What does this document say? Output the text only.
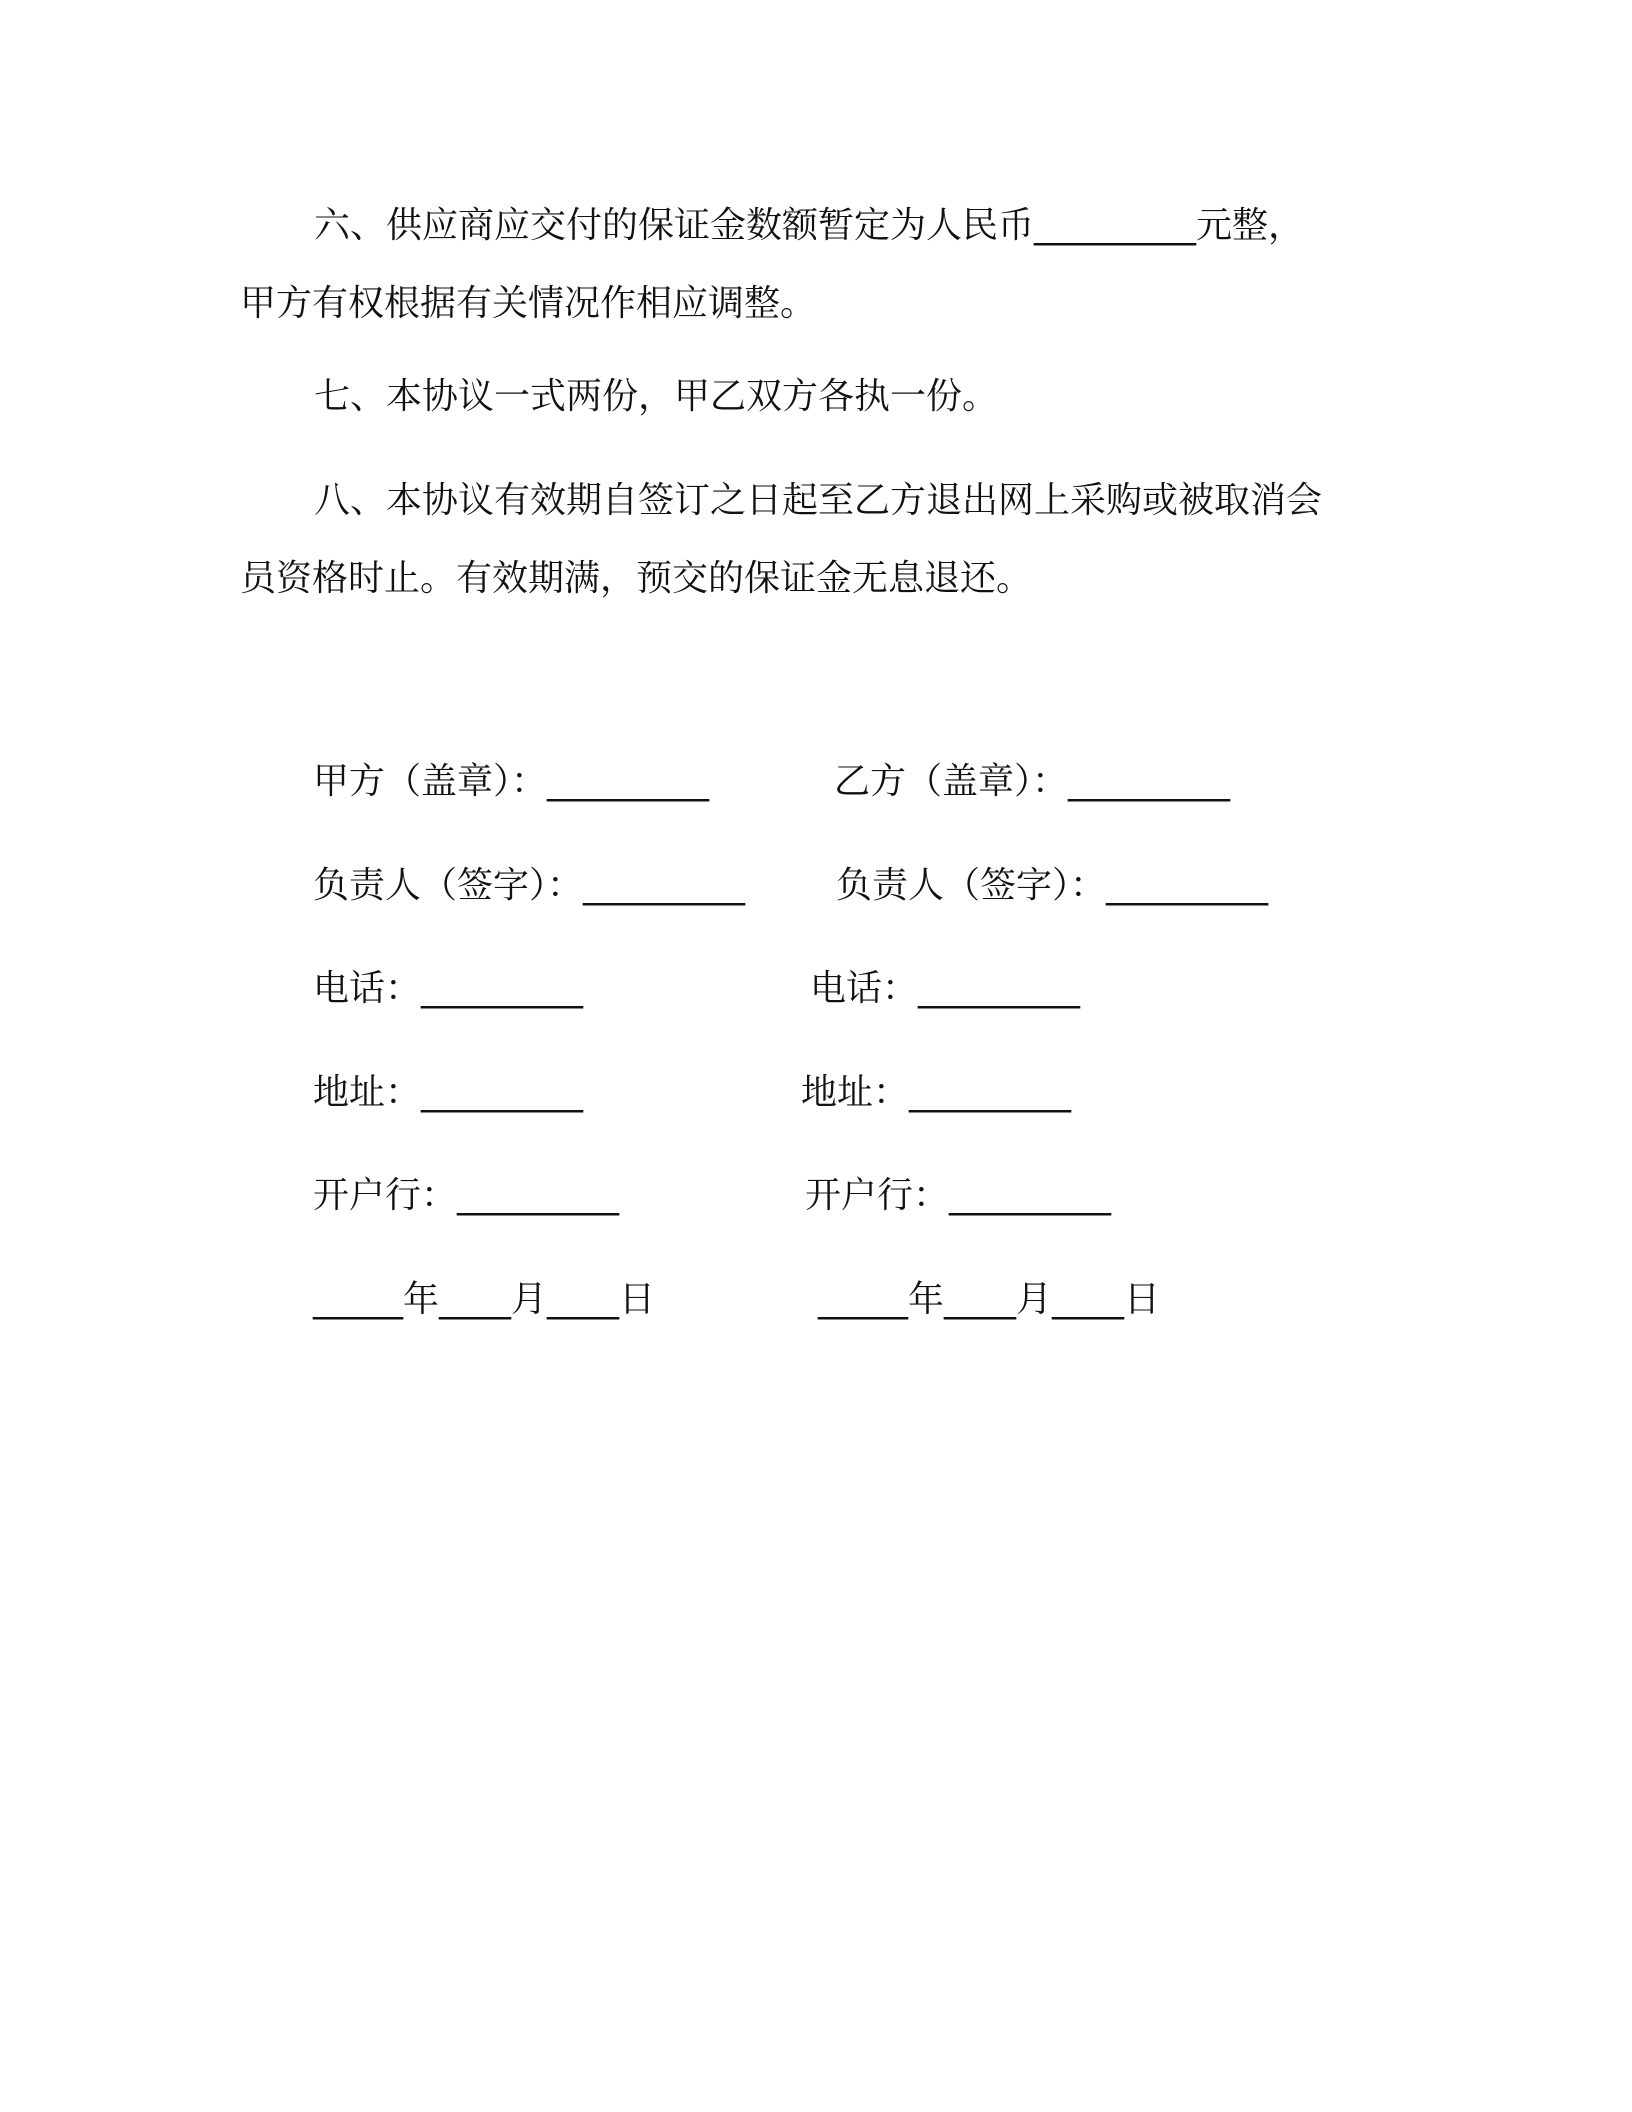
六、供应商应交付的保证金数额暂定为人民币_________元整，
甲方有权根据有关情况作相应调整。

七、本协议一式两份，甲乙双方各执一份。

八、本协议有效期自签订之日起至乙方退出网上采购或被取消会
员资格时止。有效期满，预交的保证金无息退还。

甲方（盖章）：_________

负责人（签字）：_________

电话：_________

地址：_________

开户行：_________

_____年____月____日

乙方（盖章）：_________

负责人（签字）：_________

电话：_________

地址：_________

开户行：_________

_____年____月____日
